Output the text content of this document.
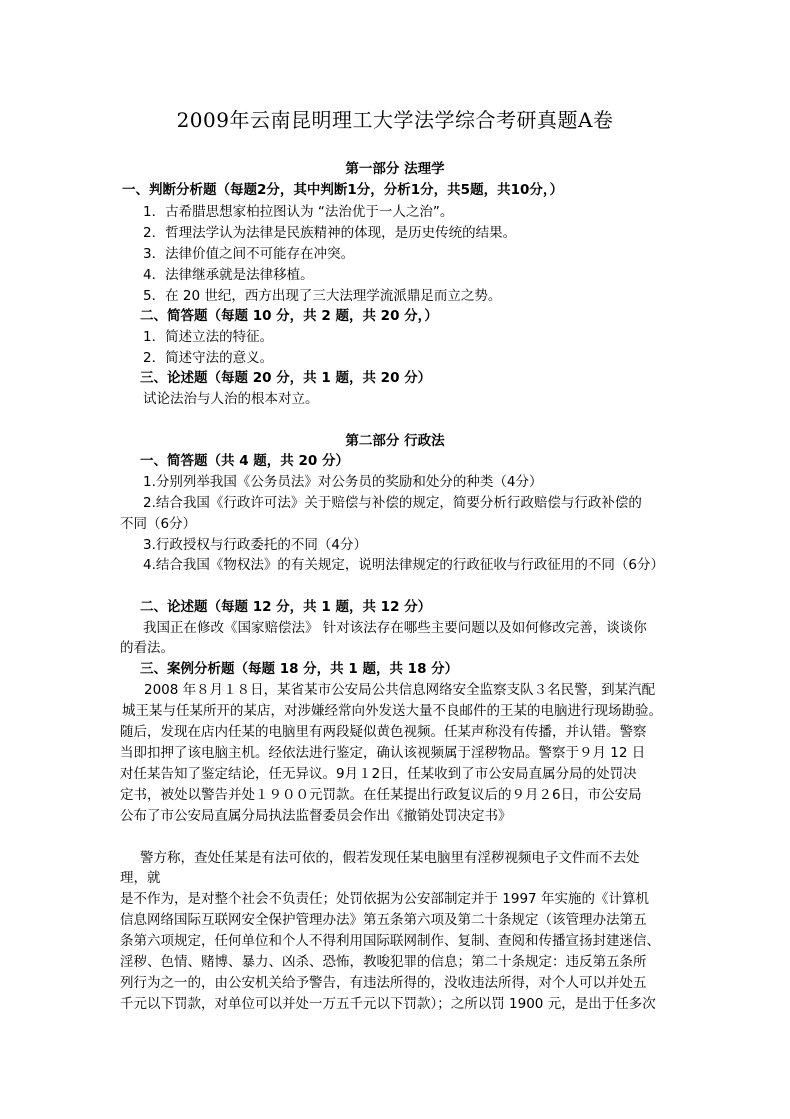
2009年云南昆明理工大学法学综合考研真题A卷
第一部分 法理学
一、判断分析题（每题2分，其中判断1分，分析1分，共5题，共10分，）
1．古希腊思想家柏拉图认为 “法治优于一人之治”。
2．哲理法学认为法律是民族精神的体现，是历史传统的结果。
3．法律价值之间不可能存在冲突。
4．法律继承就是法律移植。
5．在 20 世纪，西方出现了三大法理学流派鼎足而立之势。
二、简答题（每题 10 分，共 2 题，共 20 分，）
1．简述立法的特征。
2．简述守法的意义。
三、论述题（每题 20 分，共 1 题，共 20 分）
试论法治与人治的根本对立。
第二部分 行政法
一、简答题（共 4 题，共 20 分）
1.分别列举我国《公务员法》对公务员的奖励和处分的种类（4分）
2.结合我国《行政许可法》关于赔偿与补偿的规定，简要分析行政赔偿与行政补偿的
不同（6分）
3.行政授权与行政委托的不同（4分）
4.结合我国《物权法》的有关规定，说明法律规定的行政征收与行政征用的不同（6分）
二、论述题（每题 12 分，共 1 题，共 12 分）
我国正在修改《国家赔偿法》 针对该法存在哪些主要问题以及如何修改完善，谈谈你
的看法。
三、案例分析题（每题 18 分，共 1 题，共 18 分）
2008 年８月１８日，某省某市公安局公共信息网络安全监察支队３名民警，到某汽配
城王某与任某所开的某店，对涉嫌经常向外发送大量不良邮件的王某的电脑进行现场勘验。
随后，发现在店内任某的电脑里有两段疑似黄色视频。任某声称没有传播，并认错。警察
当即扣押了该电脑主机。经依法进行鉴定，确认该视频属于淫秽物品。警察于９月 12 日
对任某告知了鉴定结论，任无异议。9月１2日，任某收到了市公安局直属分局的处罚决
定书，被处以警告并处１９００元罚款。在任某提出行政复议后的９月２6日，市公安局
公布了市公安局直属分局执法监督委员会作出《撤销处罚决定书》
警方称，查处任某是有法可依的，假若发现任某电脑里有淫秽视频电子文件而不去处
理，就
是不作为，是对整个社会不负责任；处罚依据为公安部制定并于 1997 年实施的《计算机
信息网络国际互联网安全保护管理办法》第五条第六项及第二十条规定（该管理办法第五
条第六项规定，任何单位和个人不得利用国际联网制作、复制、查阅和传播宣扬封建迷信、
淫秽、色情、赌博、暴力、凶杀、恐怖，教唆犯罪的信息；第二十条规定：违反第五条所
列行为之一的，由公安机关给予警告，有违法所得的，没收违法所得，对个人可以并处五
千元以下罚款，对单位可以并处一万五千元以下罚款）；之所以罚 1900 元，是出于任多次
